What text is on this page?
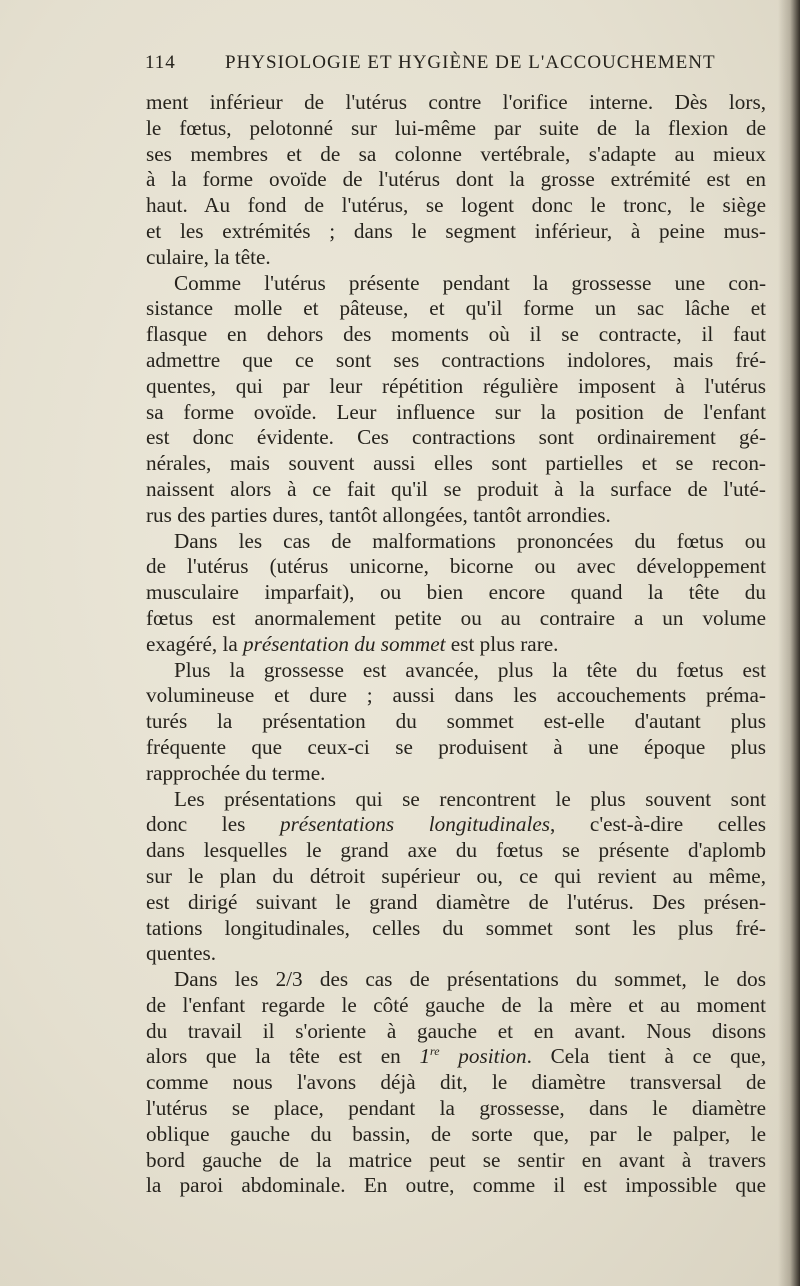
114	PHYSIOLOGIE ET HYGIÈNE DE L'ACCOUCHEMENT
ment inférieur de l'utérus contre l'orifice interne. Dès lors,
le fœtus, pelotonné sur lui-même par suite de la flexion de
ses membres et de sa colonne vertébrale, s'adapte au mieux
à la forme ovoïde de l'utérus dont la grosse extrémité est en
haut. Au fond de l'utérus, se logent donc le tronc, le siège
et les extrémités ; dans le segment inférieur, à peine mus-
culaire, la tête.
Comme l'utérus présente pendant la grossesse une con-
sistance molle et pâteuse, et qu'il forme un sac lâche et
flasque en dehors des moments où il se contracte, il faut
admettre que ce sont ses contractions indolores, mais fré-
quentes, qui par leur répétition régulière imposent à l'utérus
sa forme ovoïde. Leur influence sur la position de l'enfant
est donc évidente. Ces contractions sont ordinairement gé-
nérales, mais souvent aussi elles sont partielles et se recon-
naissent alors à ce fait qu'il se produit à la surface de l'uté-
rus des parties dures, tantôt allongées, tantôt arrondies.
Dans les cas de malformations prononcées du fœtus ou
de l'utérus (utérus unicorne, bicorne ou avec développement
musculaire imparfait), ou bien encore quand la tête du
fœtus est anormalement petite ou au contraire a un volume
exagéré, la présentation du sommet est plus rare.
Plus la grossesse est avancée, plus la tête du fœtus est
volumineuse et dure ; aussi dans les accouchements préma-
turés la présentation du sommet est-elle d'autant plus
fréquente que ceux-ci se produisent à une époque plus
rapprochée du terme.
Les présentations qui se rencontrent le plus souvent sont
donc les présentations longitudinales, c'est-à-dire celles
dans lesquelles le grand axe du fœtus se présente d'aplomb
sur le plan du détroit supérieur ou, ce qui revient au même,
est dirigé suivant le grand diamètre de l'utérus. Des présen-
tations longitudinales, celles du sommet sont les plus fré-
quentes.
Dans les 2/3 des cas de présentations du sommet, le dos
de l'enfant regarde le côté gauche de la mère et au moment
du travail il s'oriente à gauche et en avant. Nous disons
alors que la tête est en 1re position. Cela tient à ce que,
comme nous l'avons déjà dit, le diamètre transversal de
l'utérus se place, pendant la grossesse, dans le diamètre
oblique gauche du bassin, de sorte que, par le palper, le
bord gauche de la matrice peut se sentir en avant à travers
la paroi abdominale. En outre, comme il est impossible que
